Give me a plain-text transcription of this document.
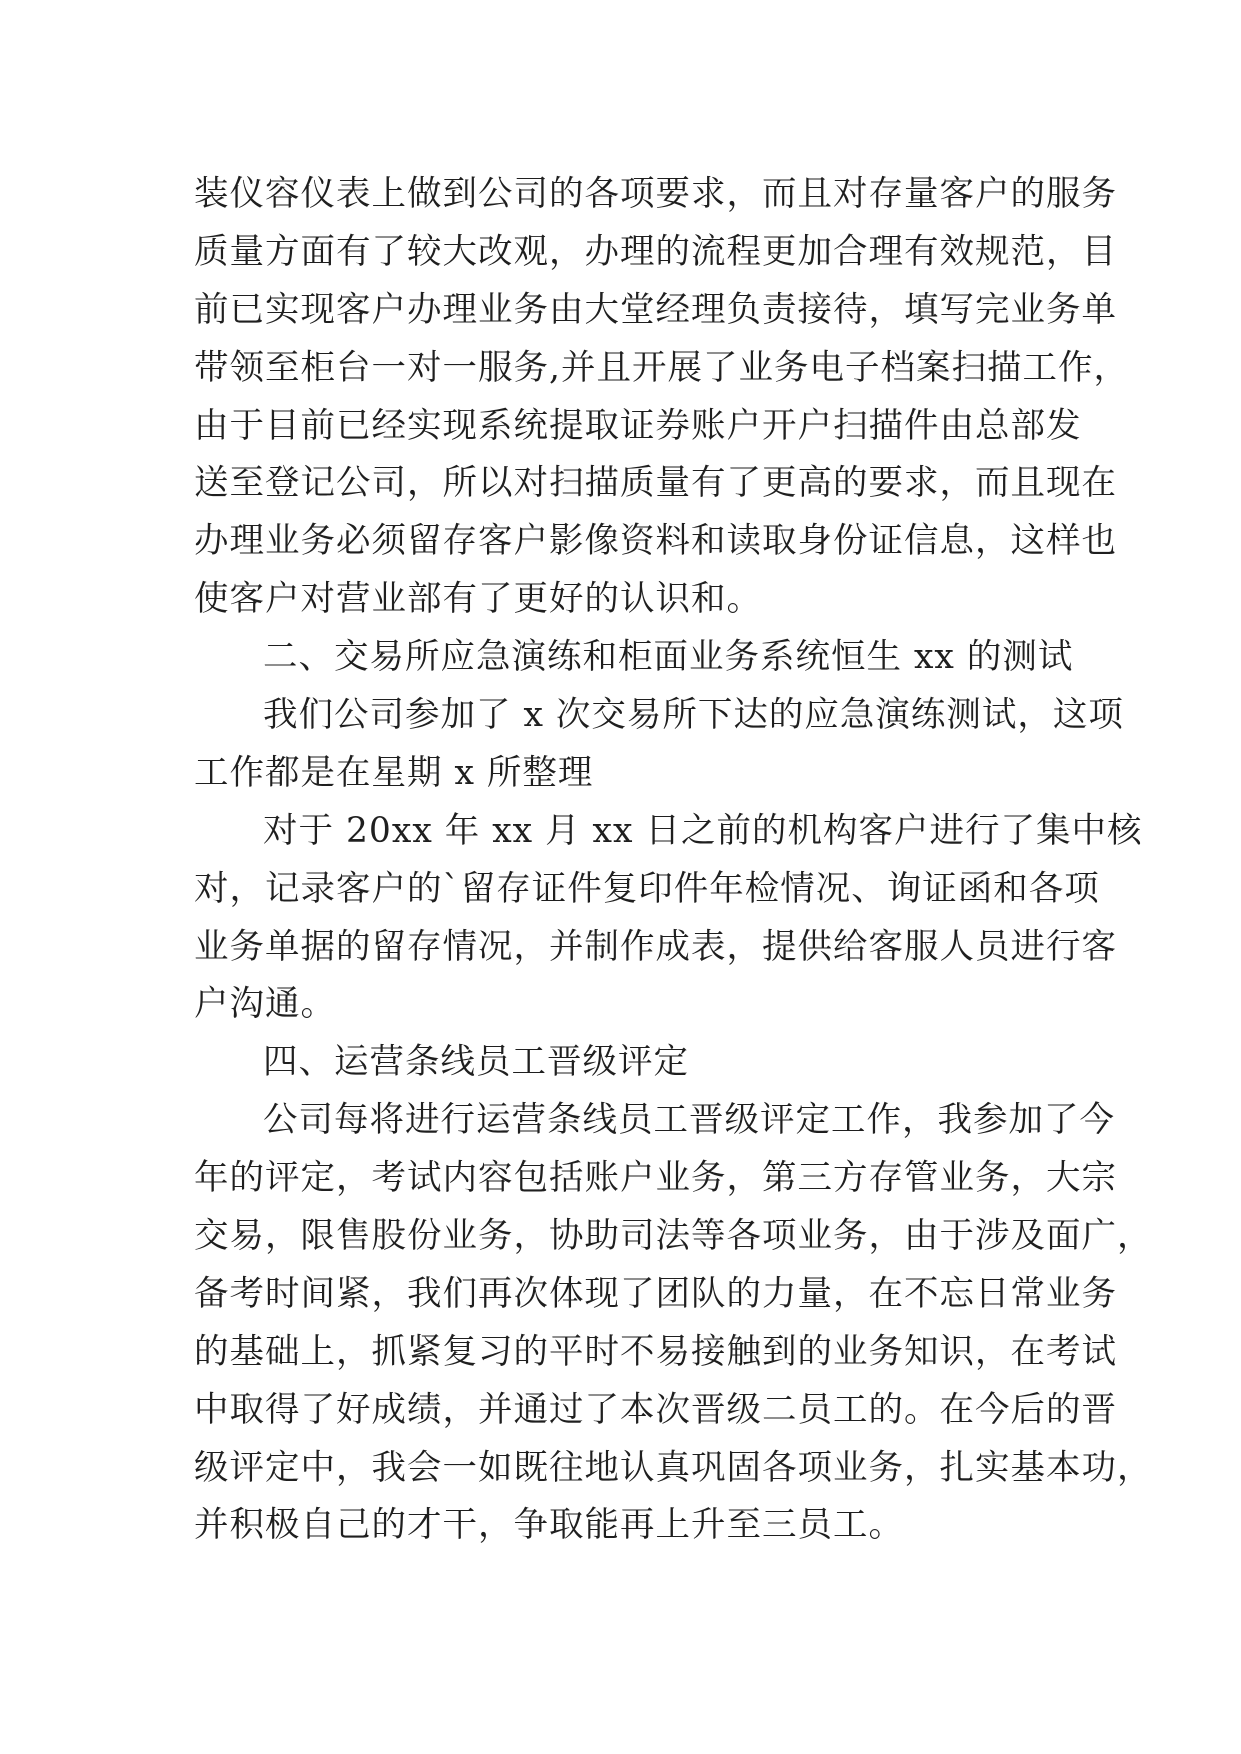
装仪容仪表上做到公司的各项要求，而且对存量客户的服务
质量方面有了较大改观，办理的流程更加合理有效规范，目
前已实现客户办理业务由大堂经理负责接待，填写完业务单
带领至柜台一对一服务,并且开展了业务电子档案扫描工作，
由于目前已经实现系统提取证券账户开户扫描件由总部发
送至登记公司，所以对扫描质量有了更高的要求，而且现在
办理业务必须留存客户影像资料和读取身份证信息，这样也
使客户对营业部有了更好的认识和。
二、交易所应急演练和柜面业务系统恒生 xx 的测试
我们公司参加了 x 次交易所下达的应急演练测试，这项
工作都是在星期 x 所整理
对于 20xx 年 xx 月 xx 日之前的机构客户进行了集中核
对，记录客户的`留存证件复印件年检情况、询证函和各项
业务单据的留存情况，并制作成表，提供给客服人员进行客
户沟通。
四、运营条线员工晋级评定
公司每将进行运营条线员工晋级评定工作，我参加了今
年的评定，考试内容包括账户业务，第三方存管业务，大宗
交易，限售股份业务，协助司法等各项业务，由于涉及面广，
备考时间紧，我们再次体现了团队的力量，在不忘日常业务
的基础上，抓紧复习的平时不易接触到的业务知识，在考试
中取得了好成绩，并通过了本次晋级二员工的。在今后的晋
级评定中，我会一如既往地认真巩固各项业务，扎实基本功，
并积极自己的才干，争取能再上升至三员工。
